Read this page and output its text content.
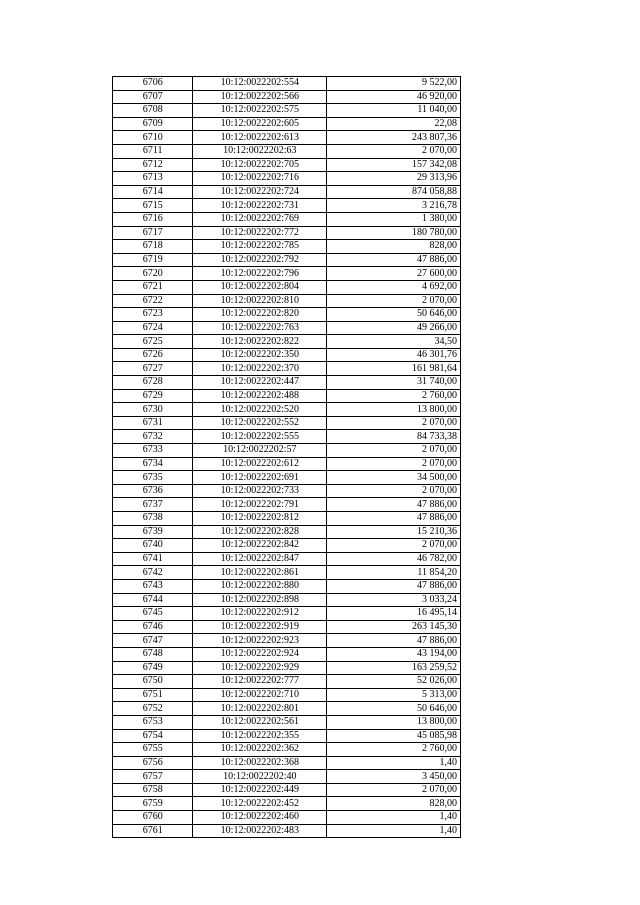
6706	10:12:0022202:554	9 522,00
6707	10:12:0022202:566	46 920,00
6708	10:12:0022202:575	11 040,00
6709	10:12:0022202:605	22,08
6710	10:12:0022202:613	243 807,36
6711	10:12:0022202:63	2 070,00
6712	10:12:0022202:705	157 342,08
6713	10:12:0022202:716	29 313,96
6714	10:12:0022202:724	874 058,88
6715	10:12:0022202:731	3 216,78
6716	10:12:0022202:769	1 380,00
6717	10:12:0022202:772	180 780,00
6718	10:12:0022202:785	828,00
6719	10:12:0022202:792	47 886,00
6720	10:12:0022202:796	27 600,00
6721	10:12:0022202:804	4 692,00
6722	10:12:0022202:810	2 070,00
6723	10:12:0022202:820	50 646,00
6724	10:12:0022202:763	49 266,00
6725	10:12:0022202:822	34,50
6726	10:12:0022202:350	46 301,76
6727	10:12:0022202:370	161 981,64
6728	10:12:0022202:447	31 740,00
6729	10:12:0022202:488	2 760,00
6730	10:12:0022202:520	13 800,00
6731	10:12:0022202:552	2 070,00
6732	10:12:0022202:555	84 733,38
6733	10:12:0022202:57	2 070,00
6734	10:12:0022202:612	2 070,00
6735	10:12:0022202:691	34 500,00
6736	10:12:0022202:733	2 070,00
6737	10:12:0022202:791	47 886,00
6738	10:12:0022202:812	47 886,00
6739	10:12:0022202:828	15 210,36
6740	10:12:0022202:842	2 070,00
6741	10:12:0022202:847	46 782,00
6742	10:12:0022202:861	11 854,20
6743	10:12:0022202:880	47 886,00
6744	10:12:0022202:898	3 033,24
6745	10:12:0022202:912	16 495,14
6746	10:12:0022202:919	263 145,30
6747	10:12:0022202:923	47 886,00
6748	10:12:0022202:924	43 194,00
6749	10:12:0022202:929	163 259,52
6750	10:12:0022202:777	52 026,00
6751	10:12:0022202:710	5 313,00
6752	10:12:0022202:801	50 646,00
6753	10:12:0022202:561	13 800,00
6754	10:12:0022202:355	45 085,98
6755	10:12:0022202:362	2 760,00
6756	10:12:0022202:368	1,40
6757	10:12:0022202:40	3 450,00
6758	10:12:0022202:449	2 070,00
6759	10:12:0022202:452	828,00
6760	10:12:0022202:460	1,40
6761	10:12:0022202:483	1,40
